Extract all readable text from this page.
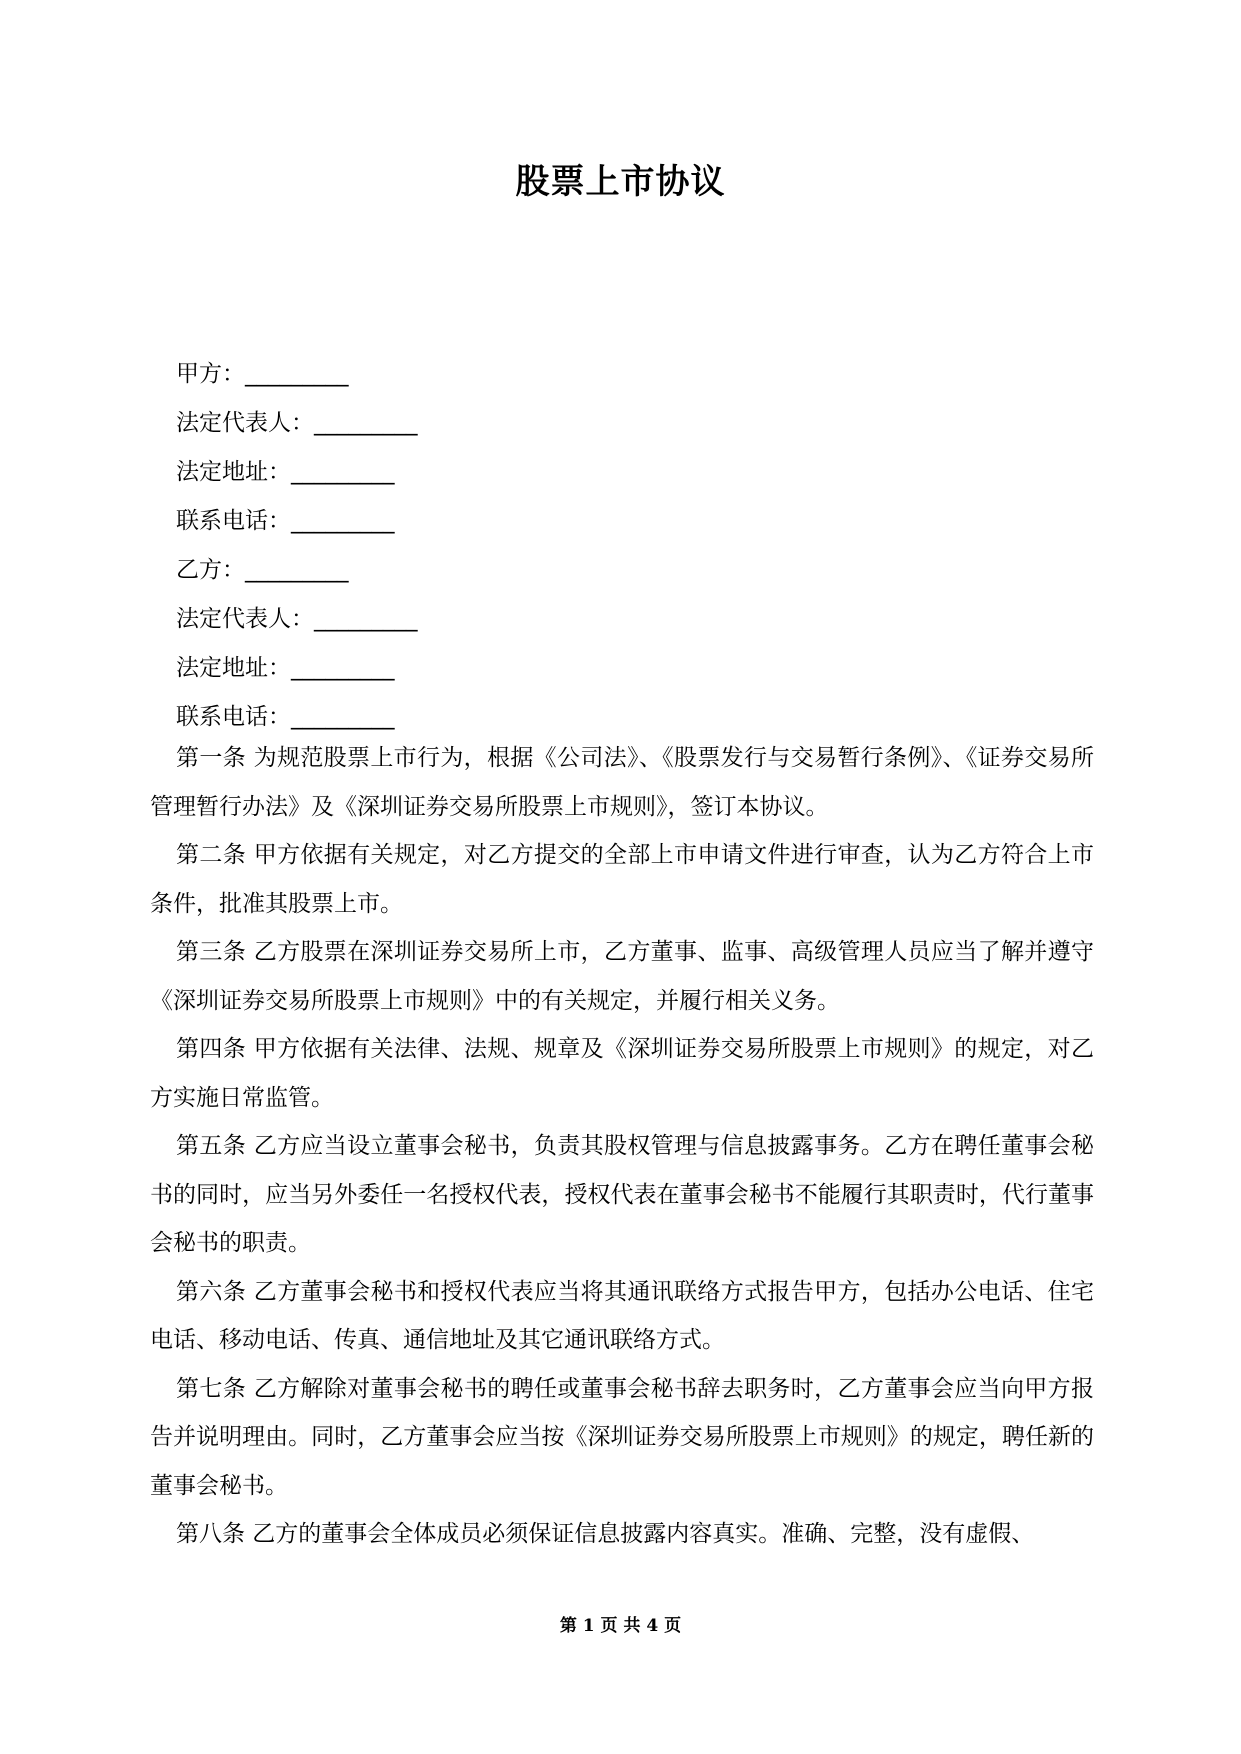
股票上市协议
甲方：_________
法定代表人：_________
法定地址：_________
联系电话：_________
乙方：_________
法定代表人：_________
法定地址：_________
联系电话：_________

第一条 为规范股票上市行为，根据《公司法》、《股票发行与交易暂行条例》、《证券交易所管理暂行办法》及《深圳证券交易所股票上市规则》，签订本协议。

第二条 甲方依据有关规定，对乙方提交的全部上市申请文件进行审查，认为乙方符合上市条件，批准其股票上市。

第三条 乙方股票在深圳证券交易所上市，乙方董事、监事、高级管理人员应当了解并遵守《深圳证券交易所股票上市规则》中的有关规定，并履行相关义务。

第四条 甲方依据有关法律、法规、规章及《深圳证券交易所股票上市规则》的规定，对乙方实施日常监管。

第五条 乙方应当设立董事会秘书，负责其股权管理与信息披露事务。乙方在聘任董事会秘书的同时，应当另外委任一名授权代表，授权代表在董事会秘书不能履行其职责时，代行董事会秘书的职责。

第六条 乙方董事会秘书和授权代表应当将其通讯联络方式报告甲方，包括办公电话、住宅电话、移动电话、传真、通信地址及其它通讯联络方式。

第七条 乙方解除对董事会秘书的聘任或董事会秘书辞去职务时，乙方董事会应当向甲方报告并说明理由。同时，乙方董事会应当按《深圳证券交易所股票上市规则》的规定，聘任新的董事会秘书。

第八条 乙方的董事会全体成员必须保证信息披露内容真实。准确、完整，没有虚假、

第 1 页 共 4 页
